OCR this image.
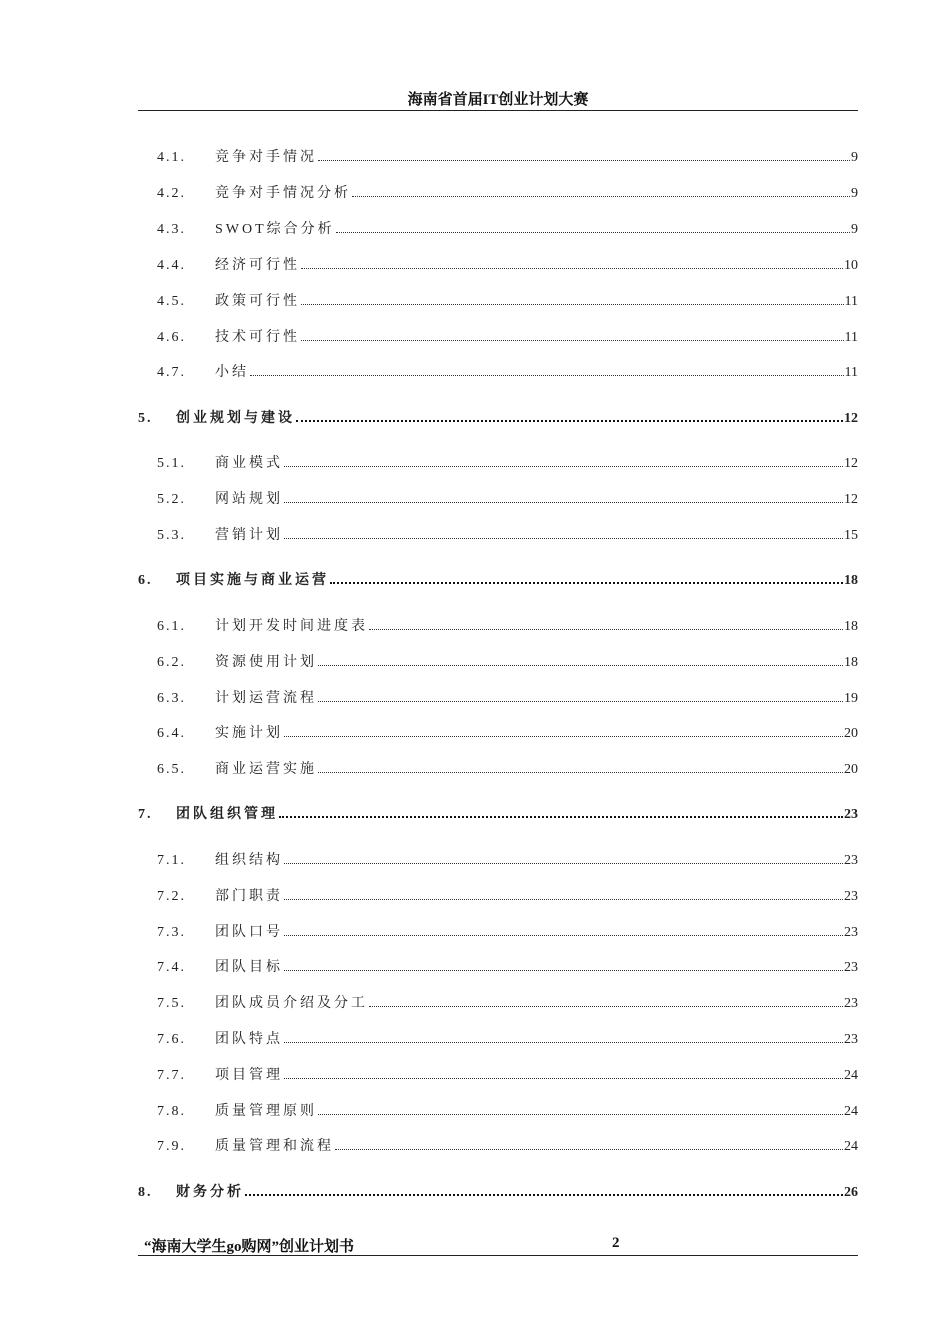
海南省首届IT创业计划大赛
4.1.	竞争对手情况	9
4.2.	竞争对手情况分析	9
4.3.	SWOT综合分析	9
4.4.	经济可行性	10
4.5.	政策可行性	11
4.6.	技术可行性	11
4.7.	小结	11
5.	创业规划与建设	12
5.1.	商业模式	12
5.2.	网站规划	12
5.3.	营销计划	15
6.	项目实施与商业运营	18
6.1.	计划开发时间进度表	18
6.2.	资源使用计划	18
6.3.	计划运营流程	19
6.4.	实施计划	20
6.5.	商业运营实施	20
7.	团队组织管理	23
7.1.	组织结构	23
7.2.	部门职责	23
7.3.	团队口号	23
7.4.	团队目标	23
7.5.	团队成员介绍及分工	23
7.6.	团队特点	23
7.7.	项目管理	24
7.8.	质量管理原则	24
7.9.	质量管理和流程	24
8.	财务分析	26
“海南大学生go购网”创业计划书	2
